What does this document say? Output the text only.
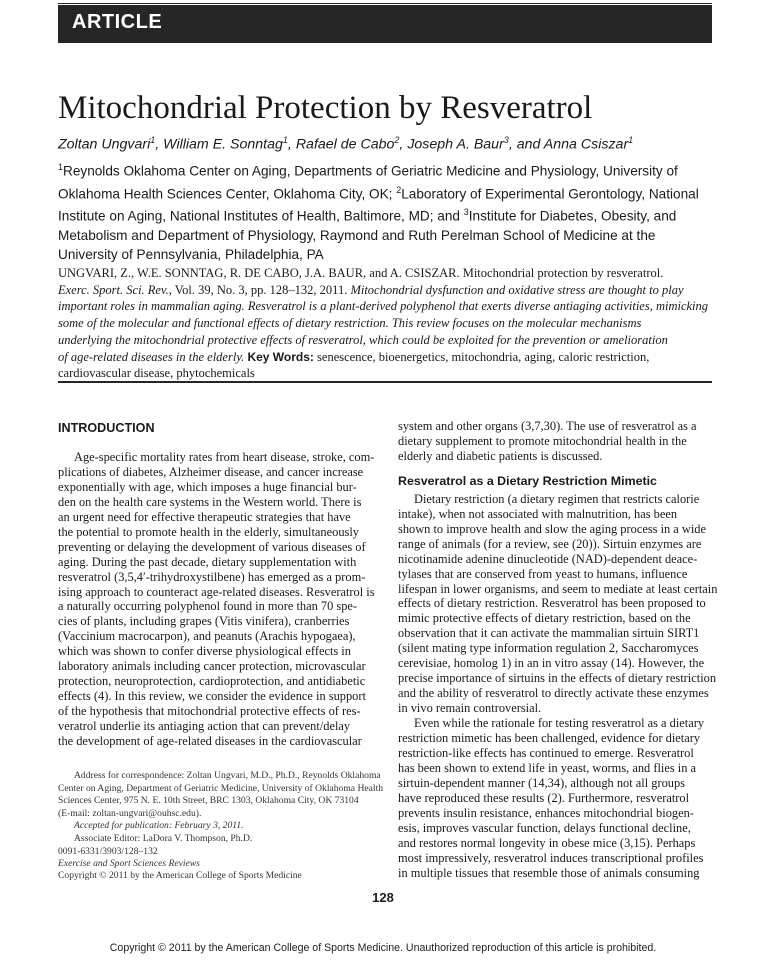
ARTICLE
Mitochondrial Protection by Resveratrol
Zoltan Ungvari$^1$, William E. Sonntag$^1$, Rafael de Cabo$^2$, Joseph A. Baur$^3$, and Anna Csiszar$^1$
$^1$Reynolds Oklahoma Center on Aging, Departments of Geriatric Medicine and Physiology, University of
Oklahoma Health Sciences Center, Oklahoma City, OK; $^2$Laboratory of Experimental Gerontology, National
Institute on Aging, National Institutes of Health, Baltimore, MD; and $^3$Institute for Diabetes, Obesity, and
Metabolism and Department of Physiology, Raymond and Ruth Perelman School of Medicine at the
University of Pennsylvania, Philadelphia, PA
UNGVARI, Z., W.E. SONNTAG, R. DE CABO, J.A. BAUR, and A. CSISZAR. Mitochondrial protection by resveratrol.
Exerc. Sport. Sci. Rev., Vol. 39, No. 3, pp. 128–132, 2011. Mitochondrial dysfunction and oxidative stress are thought to play
important roles in mammalian aging. Resveratrol is a plant-derived polyphenol that exerts diverse antiaging activities, mimicking
some of the molecular and functional effects of dietary restriction. This review focuses on the molecular mechanisms
underlying the mitochondrial protective effects of resveratrol, which could be exploited for the prevention or amelioration
of age-related diseases in the elderly. Key Words: senescence, bioenergetics, mitochondria, aging, caloric restriction,
cardiovascular disease, phytochemicals
INTRODUCTION
Age-specific mortality rates from heart disease, stroke, com-
plications of diabetes, Alzheimer disease, and cancer increase
exponentially with age, which imposes a huge financial bur-
den on the health care systems in the Western world. There is
an urgent need for effective therapeutic strategies that have
the potential to promote health in the elderly, simultaneously
preventing or delaying the development of various diseases of
aging. During the past decade, dietary supplementation with
resveratrol (3,5,4′-trihydroxystilbene) has emerged as a prom-
ising approach to counteract age-related diseases. Resveratrol is
a naturally occurring polyphenol found in more than 70 spe-
cies of plants, including grapes (Vitis vinifera), cranberries
(Vaccinium macrocarpon), and peanuts (Arachis hypogaea),
which was shown to confer diverse physiological effects in
laboratory animals including cancer protection, microvascular
protection, neuroprotection, cardioprotection, and antidiabetic
effects (4). In this review, we consider the evidence in support
of the hypothesis that mitochondrial protective effects of res-
veratrol underlie its antiaging action that can prevent/delay
the development of age-related diseases in the cardiovascular
Address for correspondence: Zoltan Ungvari, M.D., Ph.D., Reynolds Oklahoma
Center on Aging, Department of Geriatric Medicine, University of Oklahoma Health
Sciences Center, 975 N. E. 10th Street, BRC 1303, Oklahoma City, OK 73104
(E-mail: zoltan-ungvari@ouhsc.edu).
Accepted for publication: February 3, 2011.
Associate Editor: LaDora V. Thompson, Ph.D.
0091-6331/3903/128–132
Exercise and Sport Sciences Reviews
Copyright © 2011 by the American College of Sports Medicine
system and other organs (3,7,30). The use of resveratrol as a
dietary supplement to promote mitochondrial health in the
elderly and diabetic patients is discussed.
Resveratrol as a Dietary Restriction Mimetic
Dietary restriction (a dietary regimen that restricts calorie
intake), when not associated with malnutrition, has been
shown to improve health and slow the aging process in a wide
range of animals (for a review, see (20)). Sirtuin enzymes are
nicotinamide adenine dinucleotide (NAD)-dependent deace-
tylases that are conserved from yeast to humans, influence
lifespan in lower organisms, and seem to mediate at least certain
effects of dietary restriction. Resveratrol has been proposed to
mimic protective effects of dietary restriction, based on the
observation that it can activate the mammalian sirtuin SIRT1
(silent mating type information regulation 2, Saccharomyces
cerevisiae, homolog 1) in an in vitro assay (14). However, the
precise importance of sirtuins in the effects of dietary restriction
and the ability of resveratrol to directly activate these enzymes
in vivo remain controversial.
Even while the rationale for testing resveratrol as a dietary
restriction mimetic has been challenged, evidence for dietary
restriction-like effects has continued to emerge. Resveratrol
has been shown to extend life in yeast, worms, and flies in a
sirtuin-dependent manner (14,34), although not all groups
have reproduced these results (2). Furthermore, resveratrol
prevents insulin resistance, enhances mitochondrial biogen-
esis, improves vascular function, delays functional decline,
and restores normal longevity in obese mice (3,15). Perhaps
most impressively, resveratrol induces transcriptional profiles
in multiple tissues that resemble those of animals consuming
128
Copyright © 2011 by the American College of Sports Medicine. Unauthorized reproduction of this article is prohibited.
